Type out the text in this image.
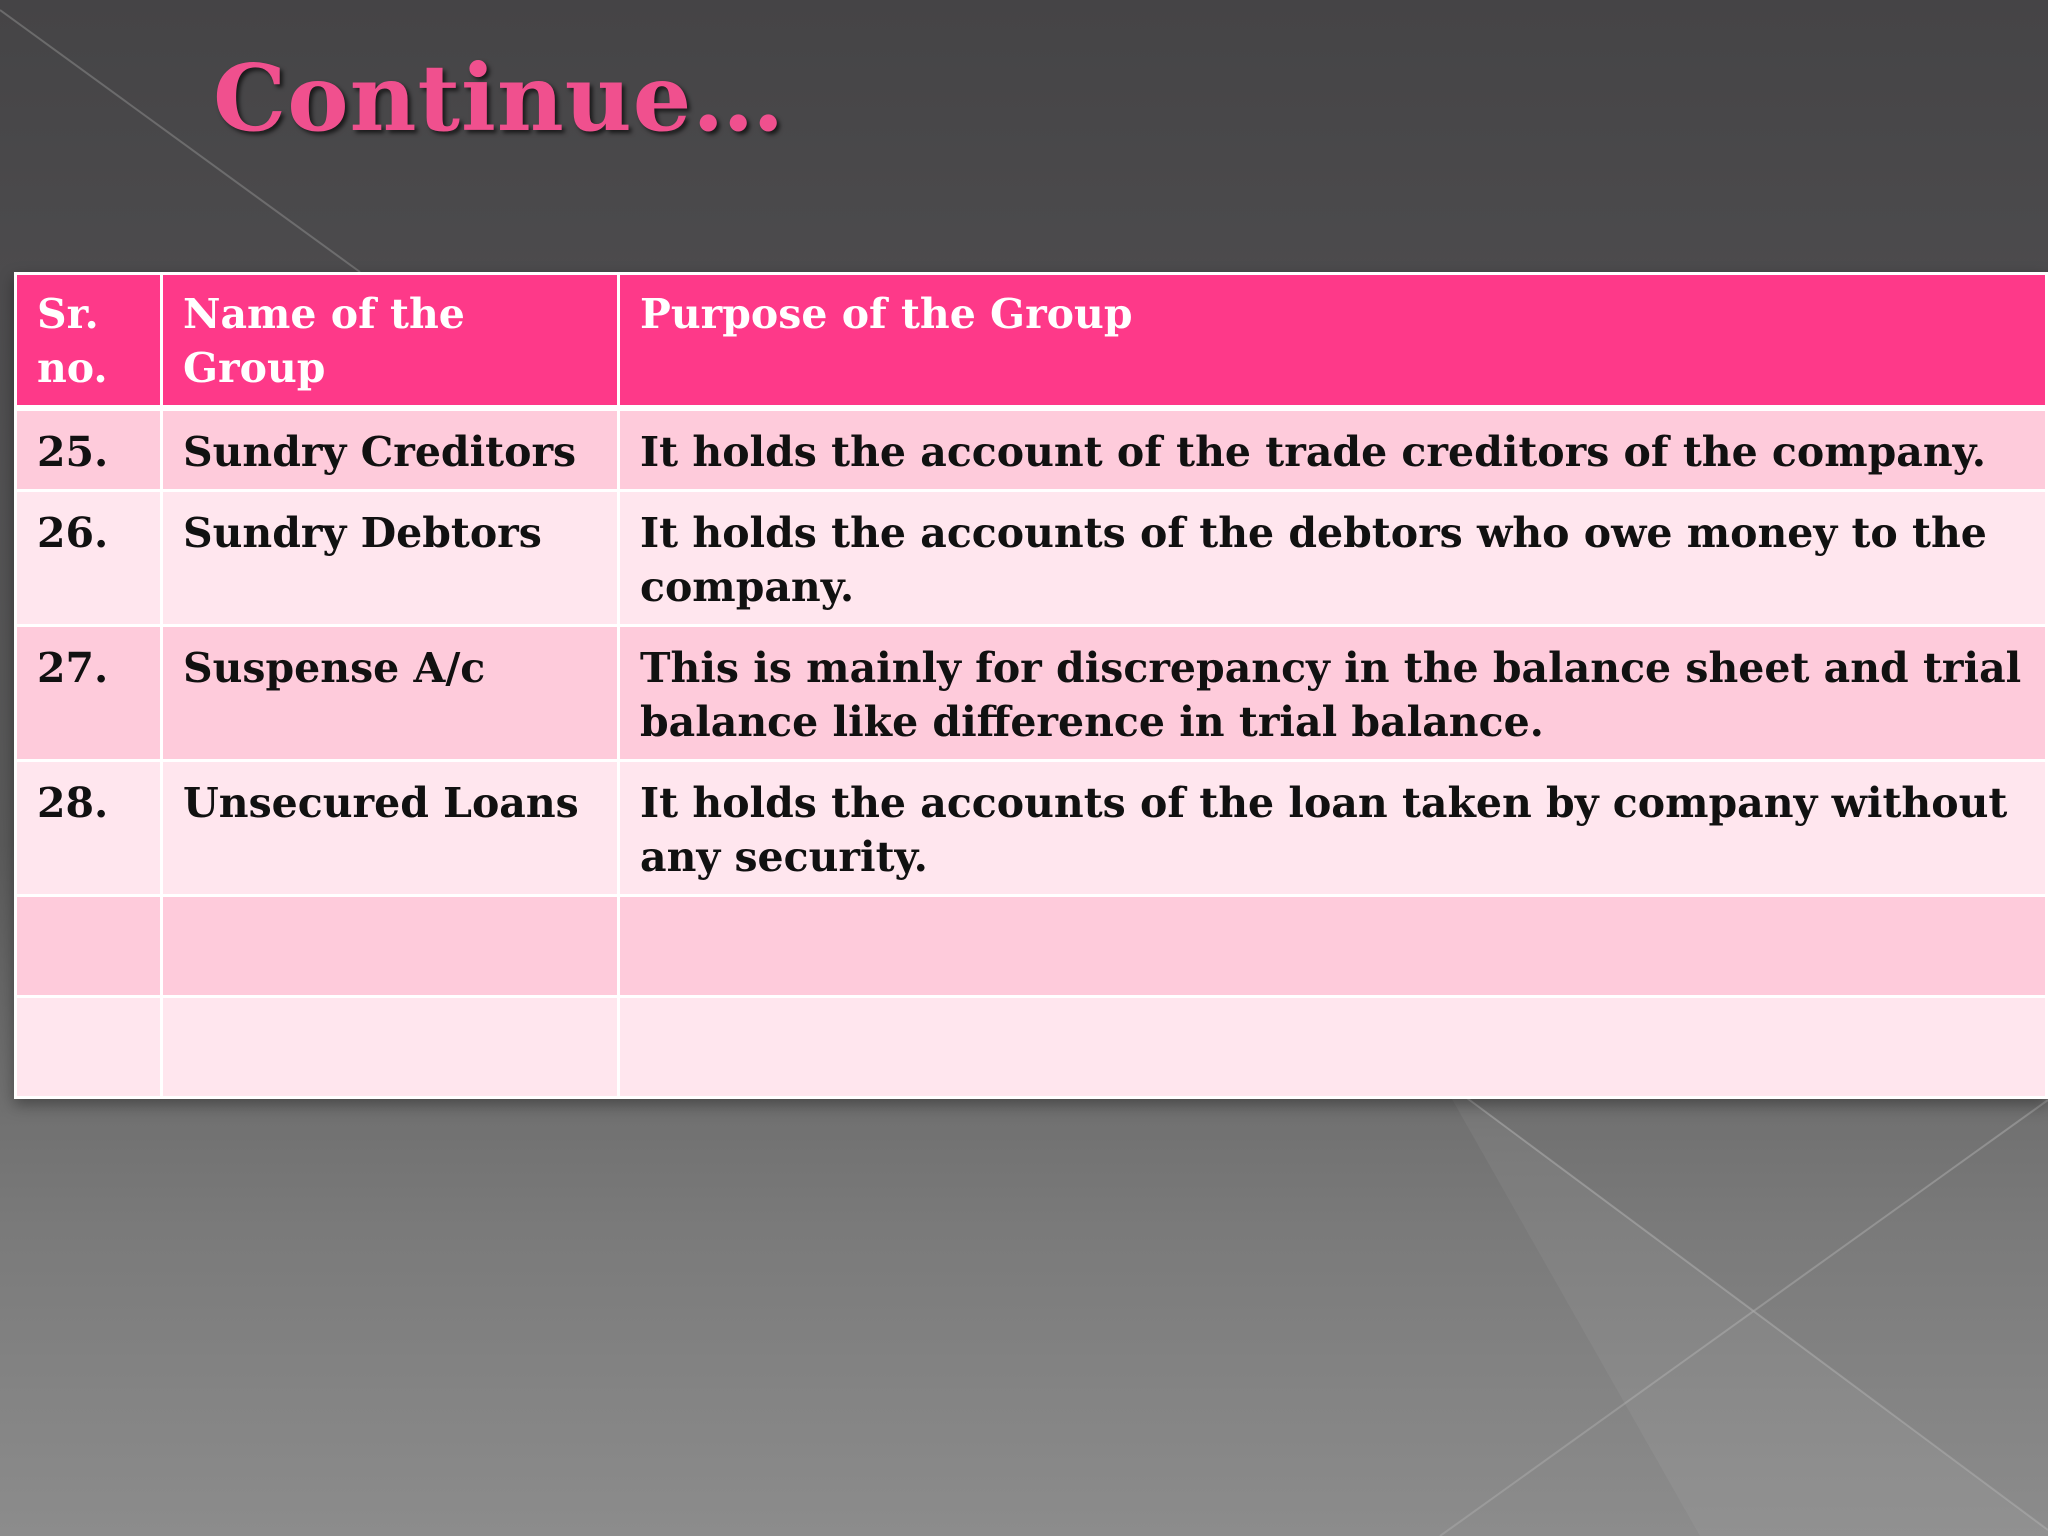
Continue…
Sr. no.	Name of the Group	Purpose of the Group
25.	Sundry Creditors	It holds the account of the trade creditors of the company.
26.	Sundry Debtors	It holds the accounts of the debtors who owe money to the company.
27.	Suspense A/c	This is mainly for discrepancy in the balance sheet and trial balance like difference in trial balance.
28.	Unsecured Loans	It holds the accounts of the loan taken by company without any security.
